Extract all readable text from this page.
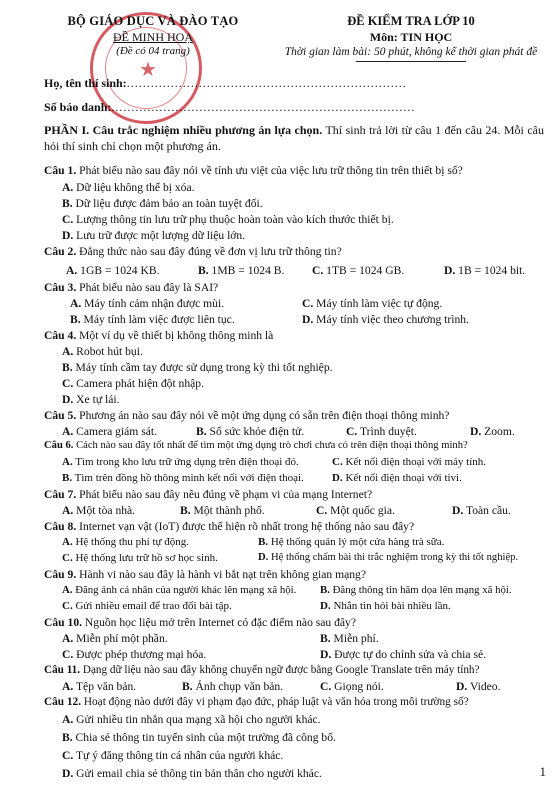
★
BỘ GIÁO DỤC VÀ ĐÀO TẠO
ĐỀ MINH HOẠ
(Đề có 04 trang)
ĐỀ KIỂM TRA LỚP 10
Môn: TIN HỌC
Thời gian làm bài: 50 phút, không kể thời gian phát đề
Họ, tên thí sinh:......................................................................
Số báo danh:............................................................................
PHẦN I. Câu trắc nghiệm nhiều phương án lựa chọn. Thí sinh trả lời từ câu 1 đến câu 24. Mỗi câu hỏi thí sinh chỉ chọn một phương án.
Câu 1. Phát biểu nào sau đây nói về tính ưu việt của việc lưu trữ thông tin trên thiết bị số?
A. Dữ liệu không thể bị xóa.
B. Dữ liệu được đảm bảo an toàn tuyệt đối.
C. Lượng thông tin lưu trữ phụ thuộc hoàn toàn vào kích thước thiết bị.
D. Lưu trữ được một lượng dữ liệu lớn.
Câu 2. Đẳng thức nào sau đây đúng về đơn vị lưu trữ thông tin?
A. 1GB = 1024 KB.	B. 1MB = 1024 B. C. 1TB = 1024 GB.	D. 1B = 1024 bit.
Câu 3. Phát biểu nào sau đây là SAI?
A. Máy tính cảm nhận được mùi.	C. Máy tính làm việc tự động.
B. Máy tính làm việc được liên tục.	D. Máy tính việc theo chương trình.
Câu 4. Một ví dụ về thiết bị không thông minh là
A. Robot hút bụi.
B. Máy tính cầm tay được sử dụng trong kỳ thi tốt nghiệp.
C. Camera phát hiện đột nhập.
D. Xe tự lái.
Câu 5. Phương án nào sau đây nói về một ứng dụng có sẵn trên điện thoại thông minh?
A. Camera giám sát.	B. Số sức khỏe điện tử.	C. Trình duyệt.	D. Zoom.
Câu 6. Cách nào sau đây tốt nhất để tìm một ứng dụng trò chơi chưa có trên điện thoại thông minh?
A. Tìm trong kho lưu trữ ứng dụng trên điện thoại đó.	C. Kết nối điện thoại với máy tính.
B. Tìm trên đồng hồ thông minh kết nối với điện thoại.	D. Kết nối điện thoại với tivi.
Câu 7. Phát biểu nào sau đây nêu đúng về phạm vi của mạng Internet?
A. Một tòa nhà.	B. Một thành phố.	C. Một quốc gia.	D. Toàn cầu.
Câu 8. Internet vạn vật (IoT) được thể hiện rõ nhất trong hệ thống nào sau đây?
A. Hệ thống thu phí tự động.	B. Hệ thống quản lý một cửa hàng trà sữa.
C. Hệ thống lưu trữ hồ sơ học sinh.	D. Hệ thống chấm bài thi trắc nghiệm trong kỳ thi tốt nghiệp.
Câu 9. Hành vi nào sau đây là hành vi bắt nạt trên không gian mạng?
A. Đăng ảnh cá nhân của người khác lên mạng xã hội. B. Đăng thông tin hăm dọa lên mạng xã hội.
C. Gửi nhiều email để trao đổi bài tập.	D. Nhắn tin hỏi bài nhiều lần.
Câu 10. Nguồn học liệu mở trên Internet có đặc điểm nào sau đây?
A. Miễn phí một phần.	B. Miễn phí.
C. Được phép thương mại hóa.	D. Được tự do chỉnh sửa và chia sẻ.
Câu 11. Dạng dữ liệu nào sau đây không chuyển ngữ được bằng Google Translate trên máy tính?
A. Tệp văn bản.	B. Ảnh chụp văn bản.	C. Giọng nói.	D. Video.
Câu 12. Hoạt động nào dưới đây vi phạm đạo đức, pháp luật và văn hóa trong môi trường số?
A. Gửi nhiều tin nhắn qua mạng xã hội cho người khác.
B. Chia sẻ thông tin tuyển sinh của một trường đã công bố.
C. Tự ý đăng thông tin cá nhân của người khác.
D. Gửi email chia sẻ thông tin bản thân cho người khác.	1
